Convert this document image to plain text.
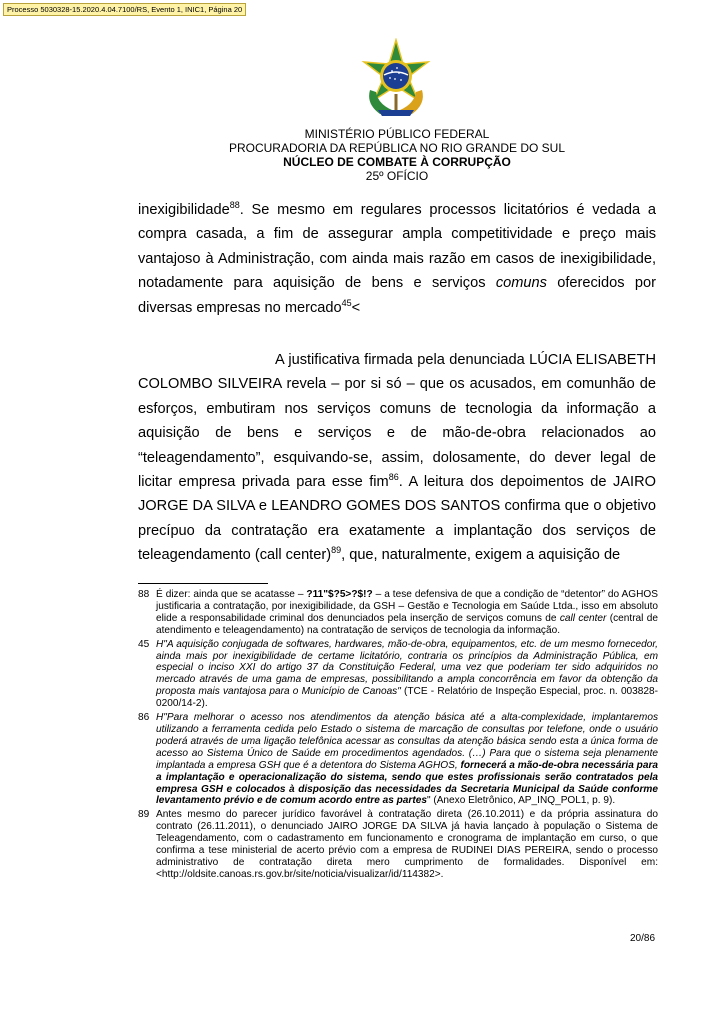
Processo 5030328-15.2020.4.04.7100/RS, Evento 1, INIC1, Página 20
MINISTÉRIO PÚBLICO FEDERAL
PROCURADORIA DA REPÚBLICA NO RIO GRANDE DO SUL
NÚCLEO DE COMBATE À CORRUPÇÃO
25º OFÍCIO

inexigibilidade$^{88}$. Se mesmo em regulares processos licitatórios é vedada a compra casada, a fim de assegurar ampla competitividade e preço mais vantajoso à Administração, com ainda mais razão em casos de inexigibilidade, notadamente para aquisição de bens e serviços comuns oferecidos por diversas empresas no mercado$^{45}$<

A justificativa firmada pela denunciada LÚCIA ELISABETH COLOMBO SILVEIRA revela – por si só – que os acusados, em comunhão de esforços, embutiram nos serviços comuns de tecnologia da informação a aquisição de bens e serviços e de mão-de-obra relacionados ao “teleagendamento”, esquivando-se, assim, dolosamente, do dever legal de licitar empresa privada para esse fim$^{86}$. A leitura dos depoimentos de JAIRO JORGE DA SILVA e LEANDRO GOMES DOS SANTOS confirma que o objetivo precípuo da contratação era exatamente a implantação dos serviços de teleagendamento (call center)$^{89}$, que, naturalmente, exigem a aquisição de

88 É dizer: ainda que se acatasse – ?11"$?5>?$!? – a tese defensiva de que a condição de “detentor” do AGHOS justificaria a contratação, por inexigibilidade, da GSH – Gestão e Tecnologia em Saúde Ltda., isso em absoluto elide a responsabilidade criminal dos denunciados pela inserção de serviços comuns de call center (central de atendimento e teleagendamento) na contratação de serviços de tecnologia da informação.
45 H"A aquisição conjugada de softwares, hardwares, mão-de-obra, equipamentos, etc. de um mesmo fornecedor, ainda mais por inexigibilidade de certame licitatório, contraria os princípios da Administração Pública, em especial o inciso XXI do artigo 37 da Constituição Federal, uma vez que poderiam ter sido adquiridos no mercado através de uma gama de empresas, possibilitando a ampla concorrência em favor da obtenção da proposta mais vantajosa para o Município de Canoas" (TCE - Relatório de Inspeção Especial, proc. n. 003828-0200/14-2).
86 H"Para melhorar o acesso nos atendimentos da atenção básica até a alta-complexidade, implantaremos utilizando a ferramenta cedida pelo Estado o sistema de marcação de consultas por telefone, onde o usuário poderá através de uma ligação telefônica acessar as consultas da atenção básica sendo esta a única forma de acesso ao Sistema Único de Saúde em procedimentos agendados. (…) Para que o sistema seja plenamente implantada a empresa GSH que é a detentora do Sistema AGHOS, fornecerá a mão-de-obra necessária para a implantação e operacionalização do sistema, sendo que estes profissionais serão contratados pela empresa GSH e colocados à disposição das necessidades da Secretaria Municipal da Saúde conforme levantamento prévio e de comum acordo entre as partes" (Anexo Eletrônico, AP_INQ_POL1, p. 9).
89 Antes mesmo do parecer jurídico favorável à contratação direta (26.10.2011) e da própria assinatura do contrato (26.11.2011), o denunciado JAIRO JORGE DA SILVA já havia lançado à população o Sistema de Teleagendamento, com o cadastramento em funcionamento e cronograma de implantação em curso, o que confirma a tese ministerial de acerto prévio com a empresa de RUDINEI DIAS PEREIRA, sendo o processo administrativo de contratação direta mero cumprimento de formalidades. Disponível em: <http://oldsite.canoas.rs.gov.br/site/noticia/visualizar/id/114382>.
20/86
